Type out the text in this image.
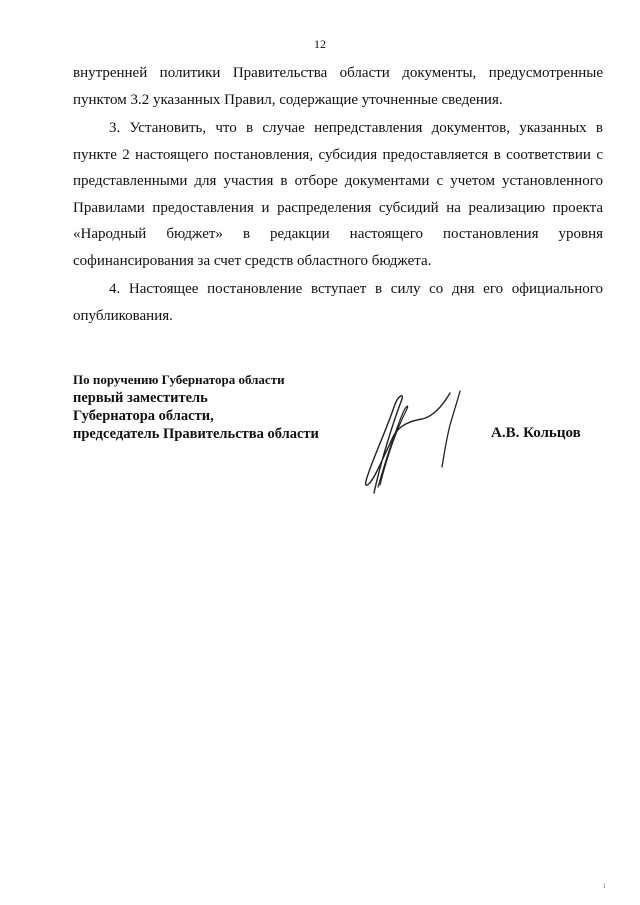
12

внутренней политики Правительства области документы, предусмотренные пунктом 3.2 указанных Правил, содержащие уточненные сведения.

3. Установить, что в случае непредставления документов, указанных в пункте 2 настоящего постановления, субсидия предоставляется в соответствии с представленными для участия в отборе документами с учетом установленного Правилами предоставления и распределения субсидий на реализацию проекта «Народный бюджет» в редакции настоящего постановления уровня софинансирования за счет средств областного бюджета.

4. Настоящее постановление вступает в силу со дня его официального опубликования.

По поручению Губернатора области
первый заместитель
Губернатора области,
председатель Правительства области	А.В. Кольцов
ı
